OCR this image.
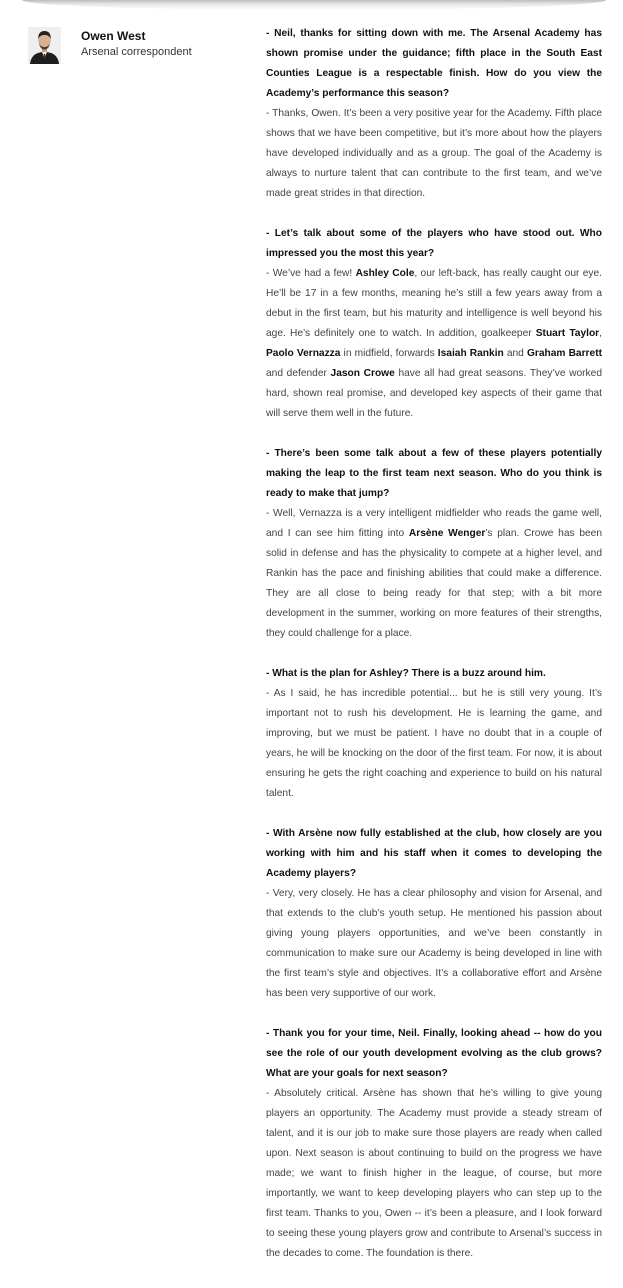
Owen West
Arsenal correspondent

- Neil, thanks for sitting down with me. The Arsenal Academy has shown promise under the guidance; fifth place in the South East Counties League is a respectable finish. How do you view the Academy’s performance this season?

- Thanks, Owen. It’s been a very positive year for the Academy. Fifth place shows that we have been competitive, but it’s more about how the players have developed individually and as a group. The goal of the Academy is always to nurture talent that can contribute to the first team, and we’ve made great strides in that direction.

- Let’s talk about some of the players who have stood out. Who impressed you the most this year?

- We’ve had a few! Ashley Cole, our left-back, has really caught our eye. He’ll be 17 in a few months, meaning he’s still a few years away from a debut in the first team, but his maturity and intelligence is well beyond his age. He’s definitely one to watch. In addition, goalkeeper Stuart Taylor, Paolo Vernazza in midfield, forwards Isaiah Rankin and Graham Barrett and defender Jason Crowe have all had great seasons. They’ve worked hard, shown real promise, and developed key aspects of their game that will serve them well in the future.

- There’s been some talk about a few of these players potentially making the leap to the first team next season. Who do you think is ready to make that jump?

- Well, Vernazza is a very intelligent midfielder who reads the game well, and I can see him fitting into Arsène Wenger’s plan. Crowe has been solid in defense and has the physicality to compete at a higher level, and Rankin has the pace and finishing abilities that could make a difference. They are all close to being ready for that step; with a bit more development in the summer, working on more features of their strengths, they could challenge for a place.

- What is the plan for Ashley? There is a buzz around him.

- As I said, he has incredible potential... but he is still very young. It’s important not to rush his development. He is learning the game, and improving, but we must be patient. I have no doubt that in a couple of years, he will be knocking on the door of the first team. For now, it is about ensuring he gets the right coaching and experience to build on his natural talent.

- With Arsène now fully established at the club, how closely are you working with him and his staff when it comes to developing the Academy players?

- Very, very closely. He has a clear philosophy and vision for Arsenal, and that extends to the club’s youth setup. He mentioned his passion about giving young players opportunities, and we’ve been constantly in communication to make sure our Academy is being developed in line with the first team’s style and objectives. It’s a collaborative effort and Arsène has been very supportive of our work.

- Thank you for your time, Neil. Finally, looking ahead -- how do you see the role of our youth development evolving as the club grows? What are your goals for next season?

- Absolutely critical. Arsène has shown that he’s willing to give young players an opportunity. The Academy must provide a steady stream of talent, and it is our job to make sure those players are ready when called upon. Next season is about continuing to build on the progress we have made; we want to finish higher in the league, of course, but more importantly, we want to keep developing players who can step up to the first team. Thanks to you, Owen -- it’s been a pleasure, and I look forward to seeing these young players grow and contribute to Arsenal’s success in the decades to come. The foundation is there.
